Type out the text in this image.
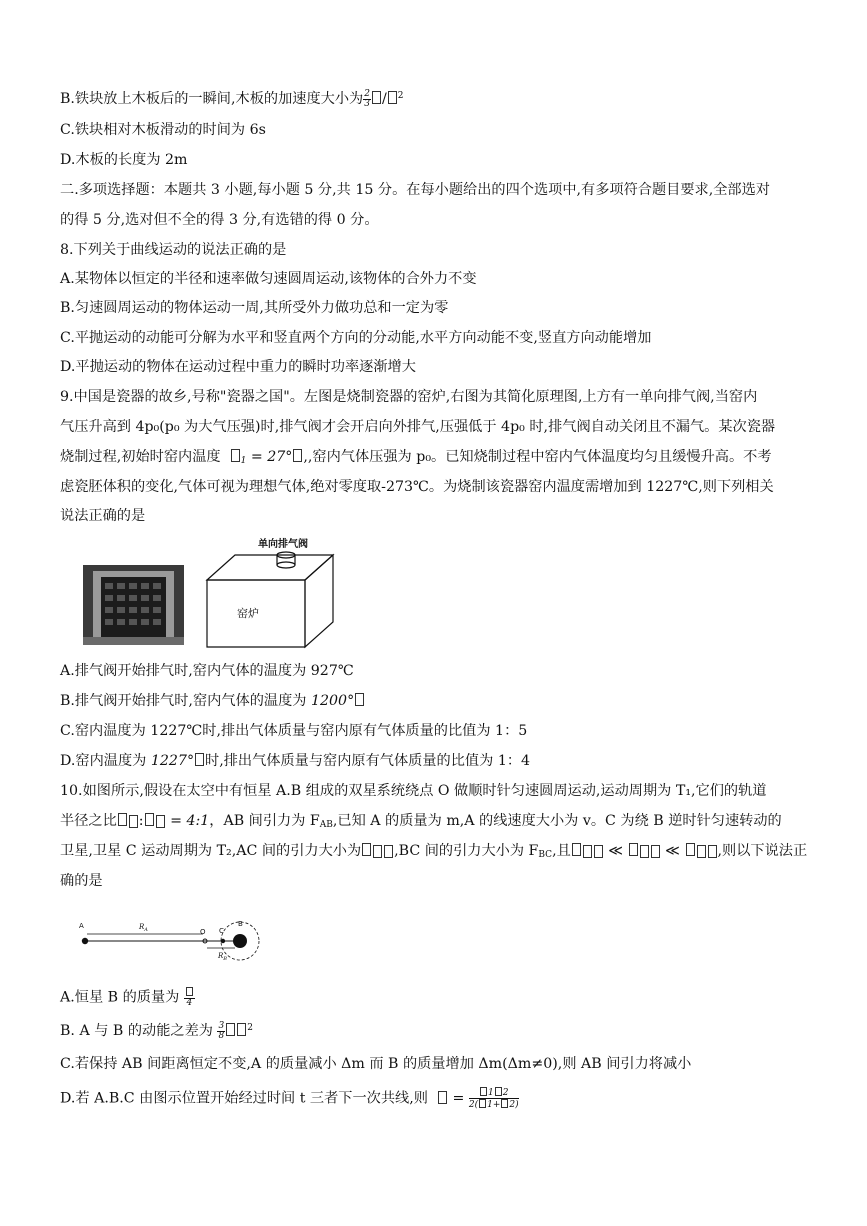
B.铁块放上木板后的一瞬间,木板的加速度大小为 $\frac{2}{3} / ^2$
C.铁块相对木板滑动的时间为 6s
D.木板的长度为 2m
二.多项选择题：本题共 3 小题,每小题 5 分,共 15 分。在每小题给出的四个选项中,有多项符合题目要求,全部选对
的得 5 分,选对但不全的得 3 分,有选错的得 0 分。
8.下列关于曲线运动的说法正确的是
A.某物体以恒定的半径和速率做匀速圆周运动,该物体的合外力不变
B.匀速圆周运动的物体运动一周,其所受外力做功总和一定为零
C.平抛运动的动能可分解为水平和竖直两个方向的分动能,水平方向动能不变,竖直方向动能增加
D.平抛运动的物体在运动过程中重力的瞬时功率逐渐增大
9.中国是瓷器的故乡,号称"瓷器之国"。左图是烧制瓷器的窑炉,右图为其简化原理图,上方有一单向排气阀,当窑内
气压升高到 4p₀(p₀ 为大气压强)时,排气阀才会开启向外排气,压强低于 4p₀ 时,排气阀自动关闭且不漏气。某次瓷器
烧制过程,初始时窑内温度 $_1$ = 27° ,,窑内气体压强为 p₀。已知烧制过程中窑内气体温度均匀且缓慢升高。不考
虑瓷胚体积的变化,气体可视为理想气体,绝对零度取-273℃。为烧制该瓷器窑内温度需增加到 1227℃,则下列相关
说法正确的是
单向排气阀
窑炉
A.排气阀开始排气时,窑内气体的温度为 927℃
B.排气阀开始排气时,窑内气体的温度为 1200°
C.窑内温度为 1227℃时,排出气体质量与窑内原有气体质量的比值为 1：5
D.窑内温度为 1227° 时,排出气体质量与窑内原有气体质量的比值为 1：4
10.如图所示,假设在太空中有恒星 A.B 组成的双星系统绕点 O 做顺时针匀速圆周运动,运动周期为 T₁,它们的轨道
半径之比 : = 4:1，AB 间引力为 $F_{AB}$,已知 A 的质量为 m,A 的线速度大小为 v。C 为绕 B 逆时针匀速转动的
卫星,卫星 C 运动周期为 T₂,AC 间的引力大小为 ,BC 间的引力大小为 $F_{BC}$,且 ≪  ≪ ,则以下说法正
确的是
A	$R_A$	O C
B
$R_B$
A.恒星 B 的质量为 4
B. A 与 B 的动能之差为 $\frac{3}{8} ^2$
C.若保持 AB 间距离恒定不变,A 的质量减小 Δm 而 B 的质量增加 Δm(Δm≠0),则 AB 间引力将减小
D.若 A.B.C 由图示位置开始经过时间 t 三者下一次共线,则 = $\frac{1 2}{2( 1+ 2)}$
